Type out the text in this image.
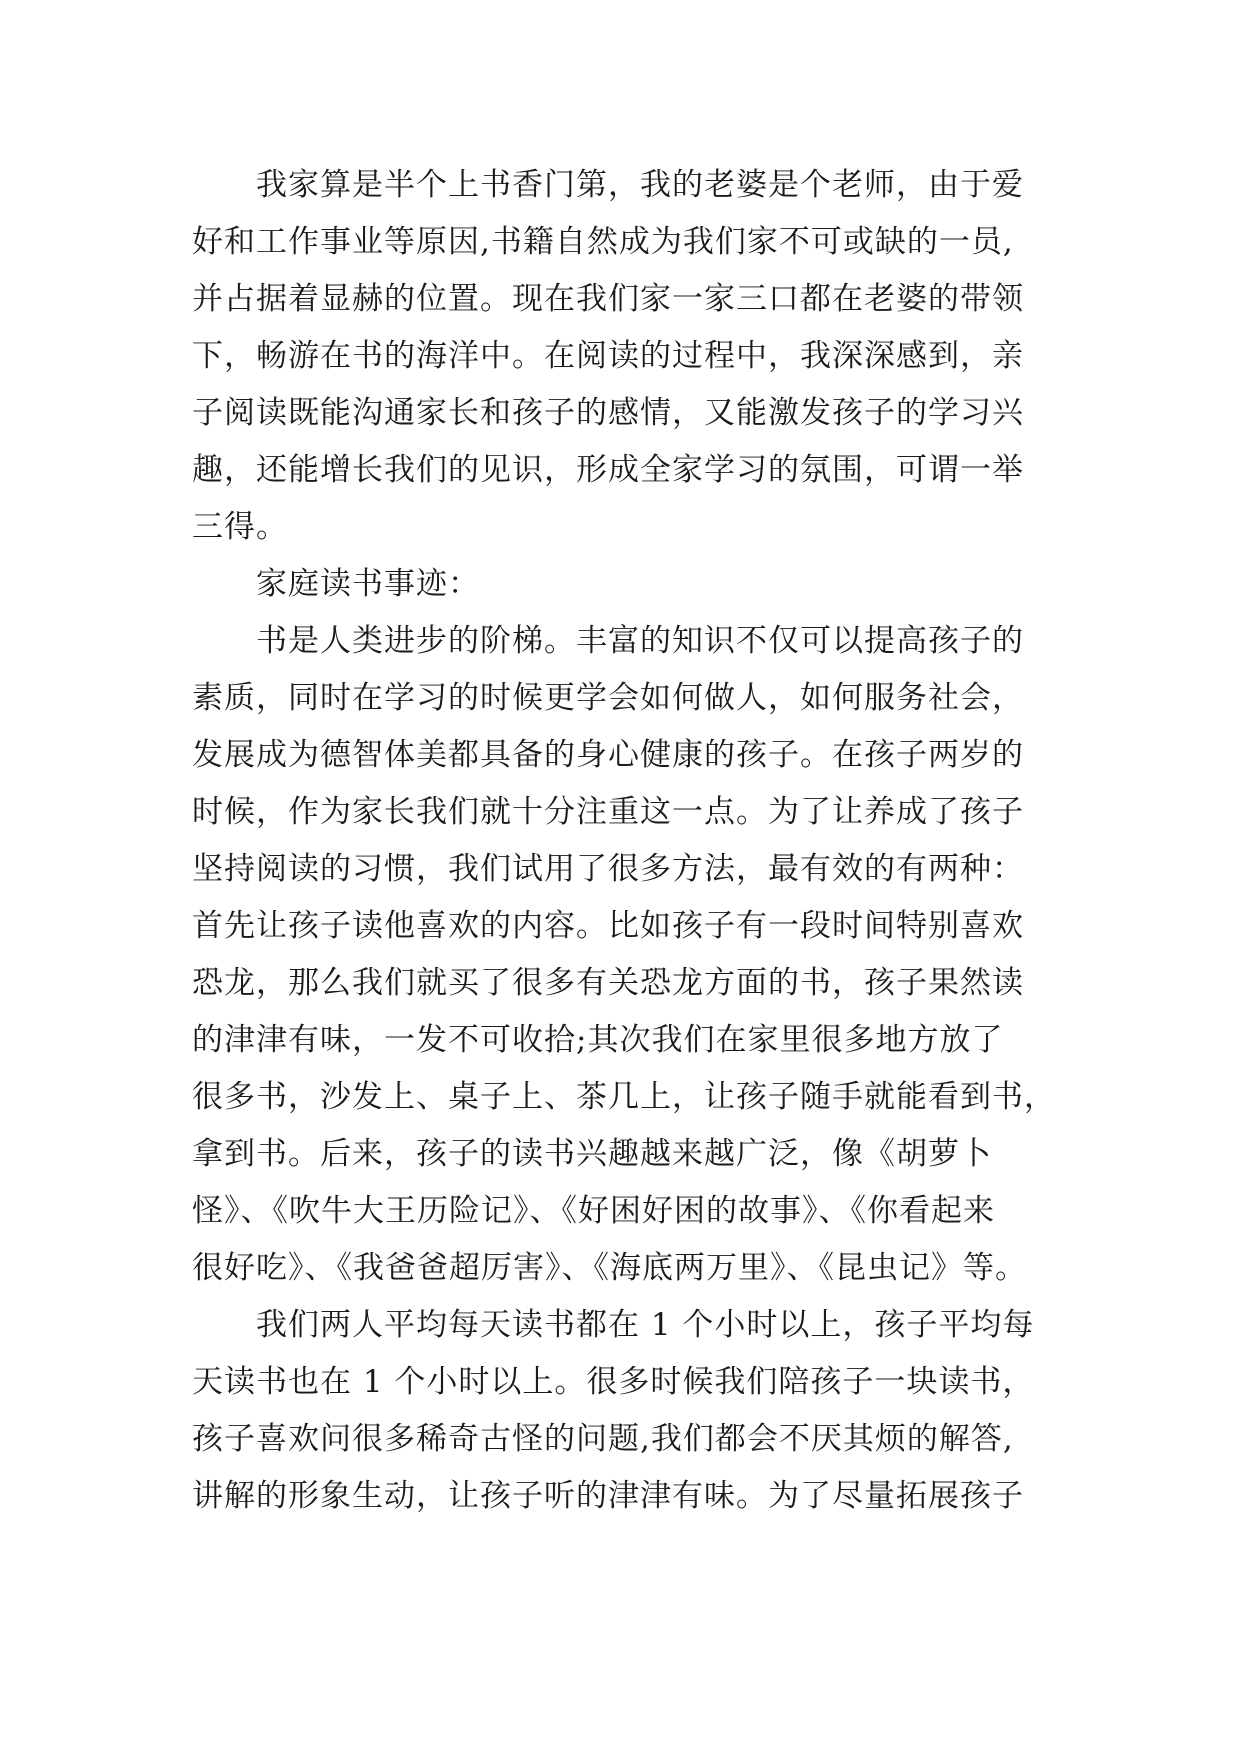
我家算是半个上书香门第，我的老婆是个老师，由于爱
好和工作事业等原因,书籍自然成为我们家不可或缺的一员,
并占据着显赫的位置。现在我们家一家三口都在老婆的带领
下，畅游在书的海洋中。在阅读的过程中，我深深感到，亲
子阅读既能沟通家长和孩子的感情，又能激发孩子的学习兴
趣，还能增长我们的见识，形成全家学习的氛围，可谓一举
三得。
家庭读书事迹：
书是人类进步的阶梯。丰富的知识不仅可以提高孩子的
素质，同时在学习的时候更学会如何做人，如何服务社会，
发展成为德智体美都具备的身心健康的孩子。在孩子两岁的
时候，作为家长我们就十分注重这一点。为了让养成了孩子
坚持阅读的习惯，我们试用了很多方法，最有效的有两种：
首先让孩子读他喜欢的内容。比如孩子有一段时间特别喜欢
恐龙，那么我们就买了很多有关恐龙方面的书，孩子果然读
的津津有味，一发不可收拾;其次我们在家里很多地方放了
很多书，沙发上、桌子上、茶几上，让孩子随手就能看到书，
拿到书。后来，孩子的读书兴趣越来越广泛，像《胡萝卜
怪》、《吹牛大王历险记》、《好困好困的故事》、《你看起来
很好吃》、《我爸爸超厉害》、《海底两万里》、《昆虫记》等。
我们两人平均每天读书都在 1 个小时以上，孩子平均每
天读书也在 1 个小时以上。很多时候我们陪孩子一块读书，
孩子喜欢问很多稀奇古怪的问题,我们都会不厌其烦的解答,
讲解的形象生动，让孩子听的津津有味。为了尽量拓展孩子
